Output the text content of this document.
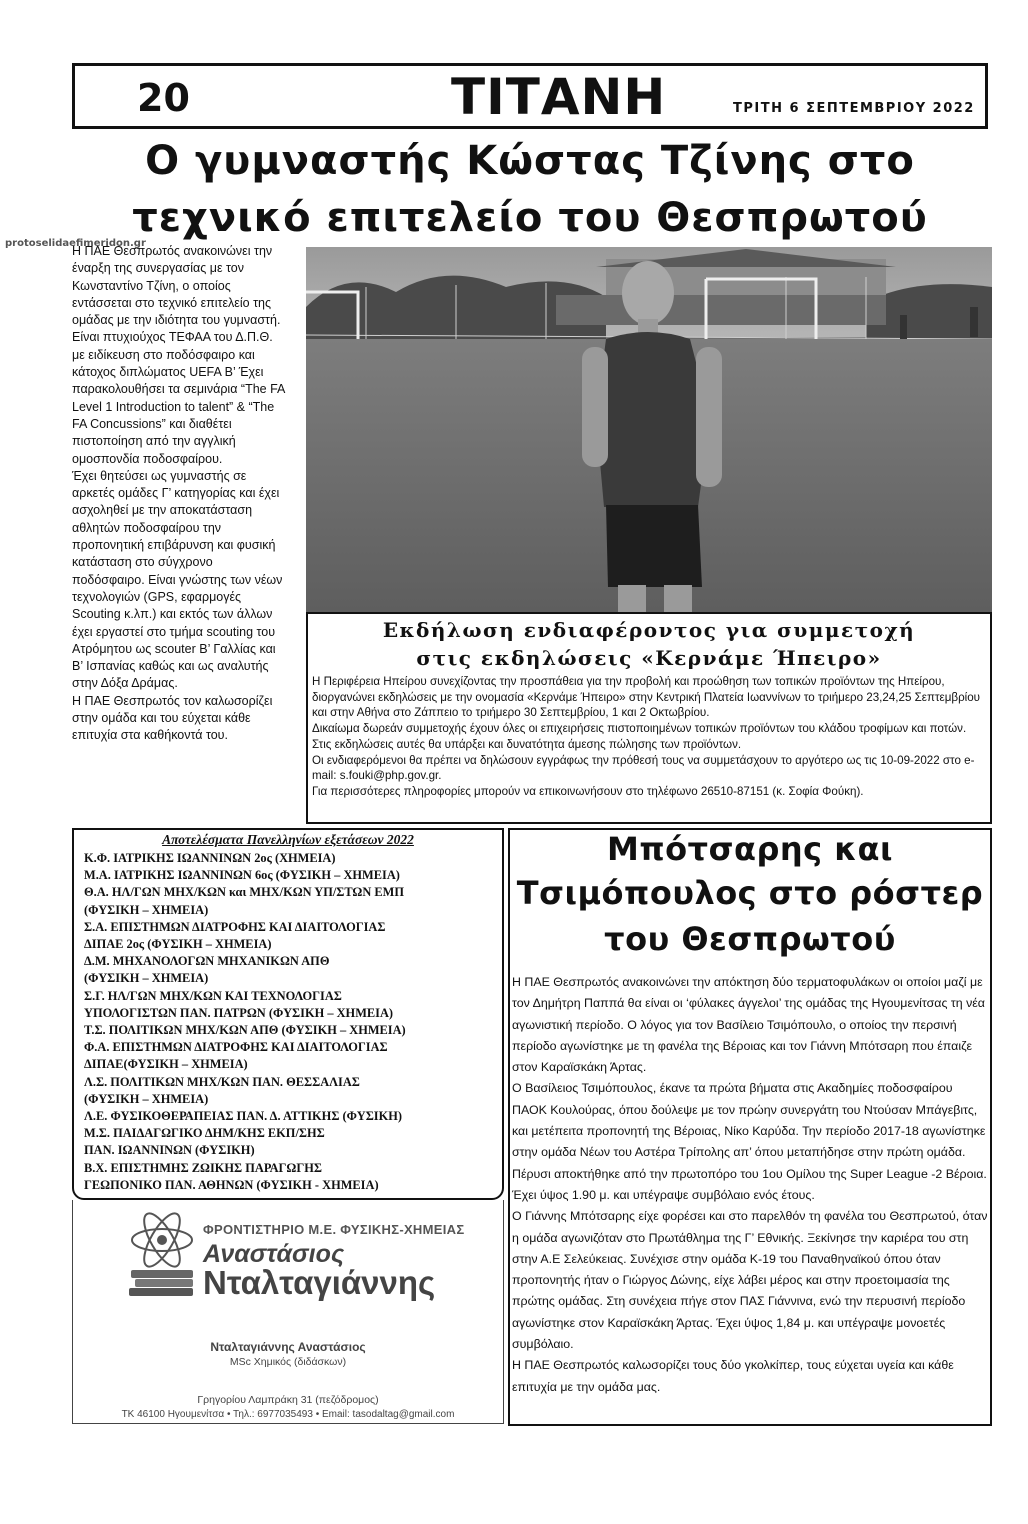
20	ΤΙΤΑΝΗ	ΤΡΙΤΗ 6 ΣΕΠΤΕΜΒΡΙΟΥ 2022
Ο γυμναστής Κώστας Τζίνης στο
τεχνικό επιτελείο του Θεσπρωτού
protoselidaefimeridon.gr

Η ΠΑΕ Θεσπρωτός ανακοινώνει την έναρξη της συνεργασίας με τον Κωνσταντίνο Τζίνη, ο οποίος εντάσσεται στο τεχνικό επιτελείο της ομάδας με την ιδιότητα του γυμναστή.

Είναι πτυχιούχος ΤΕΦΑΑ του Δ.Π.Θ. με ειδίκευση στο ποδόσφαιρο και κάτοχος διπλώματος UEFA B’ Έχει παρακολουθήσει τα σεμινάρια “The FA Level 1 Introduction to talent” & “The FA Concussions” και διαθέτει πιστοποίηση από την αγγλική ομοσπονδία ποδοσφαίρου.

Έχει θητεύσει ως γυμναστής σε αρκετές ομάδες Γ’ κατηγορίας και έχει ασχοληθεί με την αποκατάσταση αθλητών ποδοσφαίρου την προπονητική επιβάρυνση και φυσική κατάσταση στο σύγχρονο ποδόσφαιρο. Είναι γνώστης των νέων τεχνολογιών (GPS, εφαρμογές Scouting κ.λπ.) και εκτός των άλλων έχει εργαστεί στο τμήμα scouting του Ατρόμητου ως scouter B’ Γαλλίας και B’ Ισπανίας καθώς και ως αναλυτής στην Δόξα Δράμας.

Η ΠΑΕ Θεσπρωτός τον καλωσορίζει στην ομάδα και του εύχεται κάθε επιτυχία στα καθήκοντά του.

Εκδήλωση ενδιαφέροντος για συμμετοχή
στις εκδηλώσεις «Κερνάμε Ήπειρο»

Η Περιφέρεια Ηπείρου συνεχίζοντας την προσπάθεια για την προβολή και προώθηση των τοπικών προϊόντων της Ηπείρου, διοργανώνει εκδηλώσεις με την ονομασία «Κερνάμε Ήπειρο» στην Κεντρική Πλατεία Ιωαννίνων το τριήμερο 23,24,25 Σεπτεμβρίου και στην Αθήνα στο Ζάππειο το τριήμερο 30 Σεπτεμβρίου, 1 και 2 Οκτωβρίου.

Δικαίωμα δωρεάν συμμετοχής έχουν όλες οι επιχειρήσεις πιστοποιημένων τοπικών προϊόντων του κλάδου τροφίμων και ποτών. Στις εκδηλώσεις αυτές θα υπάρξει και δυνατότητα άμεσης πώλησης των προϊόντων.

Οι ενδιαφερόμενοι θα πρέπει να δηλώσουν εγγράφως την πρόθεσή τους να συμμετάσχουν το αργότερο ως τις 10-09-2022 στο e-mail: s.fouki@php.gov.gr.

Για περισσότερες πληροφορίες μπορούν να επικοινωνήσουν στο τηλέφωνο 26510-87151 (κ. Σοφία Φούκη).

Αποτελέσματα Πανελληνίων εξετάσεων 2022
Κ.Φ. ΙΑΤΡΙΚΗΣ ΙΩΑΝΝΙΝΩΝ 2ος (ΧΗΜΕΙΑ)
Μ.Α. ΙΑΤΡΙΚΗΣ ΙΩΑΝΝΙΝΩΝ 6ος (ΦΥΣΙΚΗ – ΧΗΜΕΙΑ)
Θ.Α. ΗΛ/ΓΩΝ ΜΗΧ/ΚΩΝ και ΜΗΧ/ΚΩΝ ΥΠ/ΣΤΩΝ ΕΜΠ
(ΦΥΣΙΚΗ – ΧΗΜΕΙΑ)
Σ.Α. ΕΠΙΣΤΗΜΩΝ ΔΙΑΤΡΟΦΗΣ ΚΑΙ ΔΙΑΙΤΟΛΟΓΙΑΣ
ΔΙΠΑΕ 2ος (ΦΥΣΙΚΗ – ΧΗΜΕΙΑ)
Δ.Μ. ΜΗΧΑΝΟΛΟΓΩΝ ΜΗΧΑΝΙΚΩΝ ΑΠΘ
(ΦΥΣΙΚΗ – ΧΗΜΕΙΑ)
Σ.Γ. ΗΛ/ΓΩΝ ΜΗΧ/ΚΩΝ ΚΑΙ ΤΕΧΝΟΛΟΓΙΑΣ
ΥΠΟΛΟΓΙΣΤΩΝ ΠΑΝ. ΠΑΤΡΩΝ (ΦΥΣΙΚΗ – ΧΗΜΕΙΑ)
Τ.Σ. ΠΟΛΙΤΙΚΩΝ ΜΗΧ/ΚΩΝ ΑΠΘ (ΦΥΣΙΚΗ – ΧΗΜΕΙΑ)
Φ.Α. ΕΠΙΣΤΗΜΩΝ ΔΙΑΤΡΟΦΗΣ ΚΑΙ ΔΙΑΙΤΟΛΟΓΙΑΣ
ΔΙΠΑΕ(ΦΥΣΙΚΗ – ΧΗΜΕΙΑ)
Λ.Σ. ΠΟΛΙΤΙΚΩΝ ΜΗΧ/ΚΩΝ ΠΑΝ. ΘΕΣΣΑΛΙΑΣ
(ΦΥΣΙΚΗ – ΧΗΜΕΙΑ)
Λ.Ε. ΦΥΣΙΚΟΘΕΡΑΠΕΙΑΣ ΠΑΝ. Δ. ΑΤΤΙΚΗΣ (ΦΥΣΙΚΗ)
Μ.Σ. ΠΑΙΔΑΓΩΓΙΚΟ ΔΗΜ/ΚΗΣ ΕΚΠ/ΣΗΣ
ΠΑΝ. ΙΩΑΝΝΙΝΩΝ (ΦΥΣΙΚΗ)
Β.Χ. ΕΠΙΣΤΗΜΗΣ ΖΩΙΚΗΣ ΠΑΡΑΓΩΓΗΣ
ΓΕΩΠΟΝΙΚΟ ΠΑΝ. ΑΘΗΝΩΝ (ΦΥΣΙΚΗ - ΧΗΜΕΙΑ)
ΦΡΟΝΤΙΣΤΗΡΙΟ Μ.Ε. ΦΥΣΙΚΗΣ-ΧΗΜΕΙΑΣ
Αναστάσιος
Νταλταγιάννης
Νταλταγιάννης Αναστάσιος
MSc Χημικός (διδάσκων)
Γρηγορίου Λαμπράκη 31 (πεζόδρομος)
ΤΚ 46100 Ηγουμενίτσα • Τηλ.: 6977035493 • Email: tasodaltag@gmail.com
Μπότσαρης και
Τσιμόπουλος στο ρόστερ
του Θεσπρωτού

Η ΠΑΕ Θεσπρωτός ανακοινώνει την απόκτηση δύο τερματοφυλάκων οι οποίοι μαζί με τον Δημήτρη Παππά θα είναι οι ‘φύλακες άγγελοι’ της ομάδας της Ηγουμενίτσας τη νέα αγωνιστική περίοδο. Ο λόγος για τον Βασίλειο Τσιμόπουλο, ο οποίος την περσινή περίοδο αγωνίστηκε με τη φανέλα της Βέροιας και τον Γιάννη Μπότσαρη που έπαιζε στον Καραϊσκάκη Άρτας.

Ο Βασίλειος Τσιμόπουλος, έκανε τα πρώτα βήματα στις Ακαδημίες ποδοσφαίρου ΠΑΟΚ Κουλούρας, όπου δούλεψε με τον πρώην συνεργάτη του Ντούσαν Μπάγεβιτς, και μετέπειτα προπονητή της Βέροιας, Νίκο Καρύδα. Την περίοδο 2017-18 αγωνίστηκε στην ομάδα Νέων του Αστέρα Τρίπολης απ’ όπου μεταπήδησε στην πρώτη ομάδα. Πέρυσι αποκτήθηκε από την πρωτοπόρο του 1ου Ομίλου της Super League -2 Βέροια. Έχει ύψος 1.90 μ. και υπέγραψε συμβόλαιο ενός έτους.

Ο Γιάννης Μπότσαρης είχε φορέσει και στο παρελθόν τη φανέλα του Θεσπρωτού, όταν η ομάδα αγωνιζόταν στο Πρωτάθλημα της Γ’ Εθνικής. Ξεκίνησε την καριέρα του στη στην Α.Ε Σελεύκειας. Συνέχισε στην ομάδα Κ-19 του Παναθηναϊκού όπου όταν προπονητής ήταν ο Γιώργος Δώνης, είχε λάβει μέρος και στην προετοιμασία της πρώτης ομάδας. Στη συνέχεια πήγε στον ΠΑΣ Γιάννινα, ενώ την περυσινή περίοδο αγωνίστηκε στον Καραϊσκάκη Άρτας. Έχει ύψος 1,84 μ. και υπέγραψε μονοετές συμβόλαιο.

Η ΠΑΕ Θεσπρωτός καλωσορίζει τους δύο γκολκίπερ, τους εύχεται υγεία και κάθε επιτυχία με την ομάδα μας.
